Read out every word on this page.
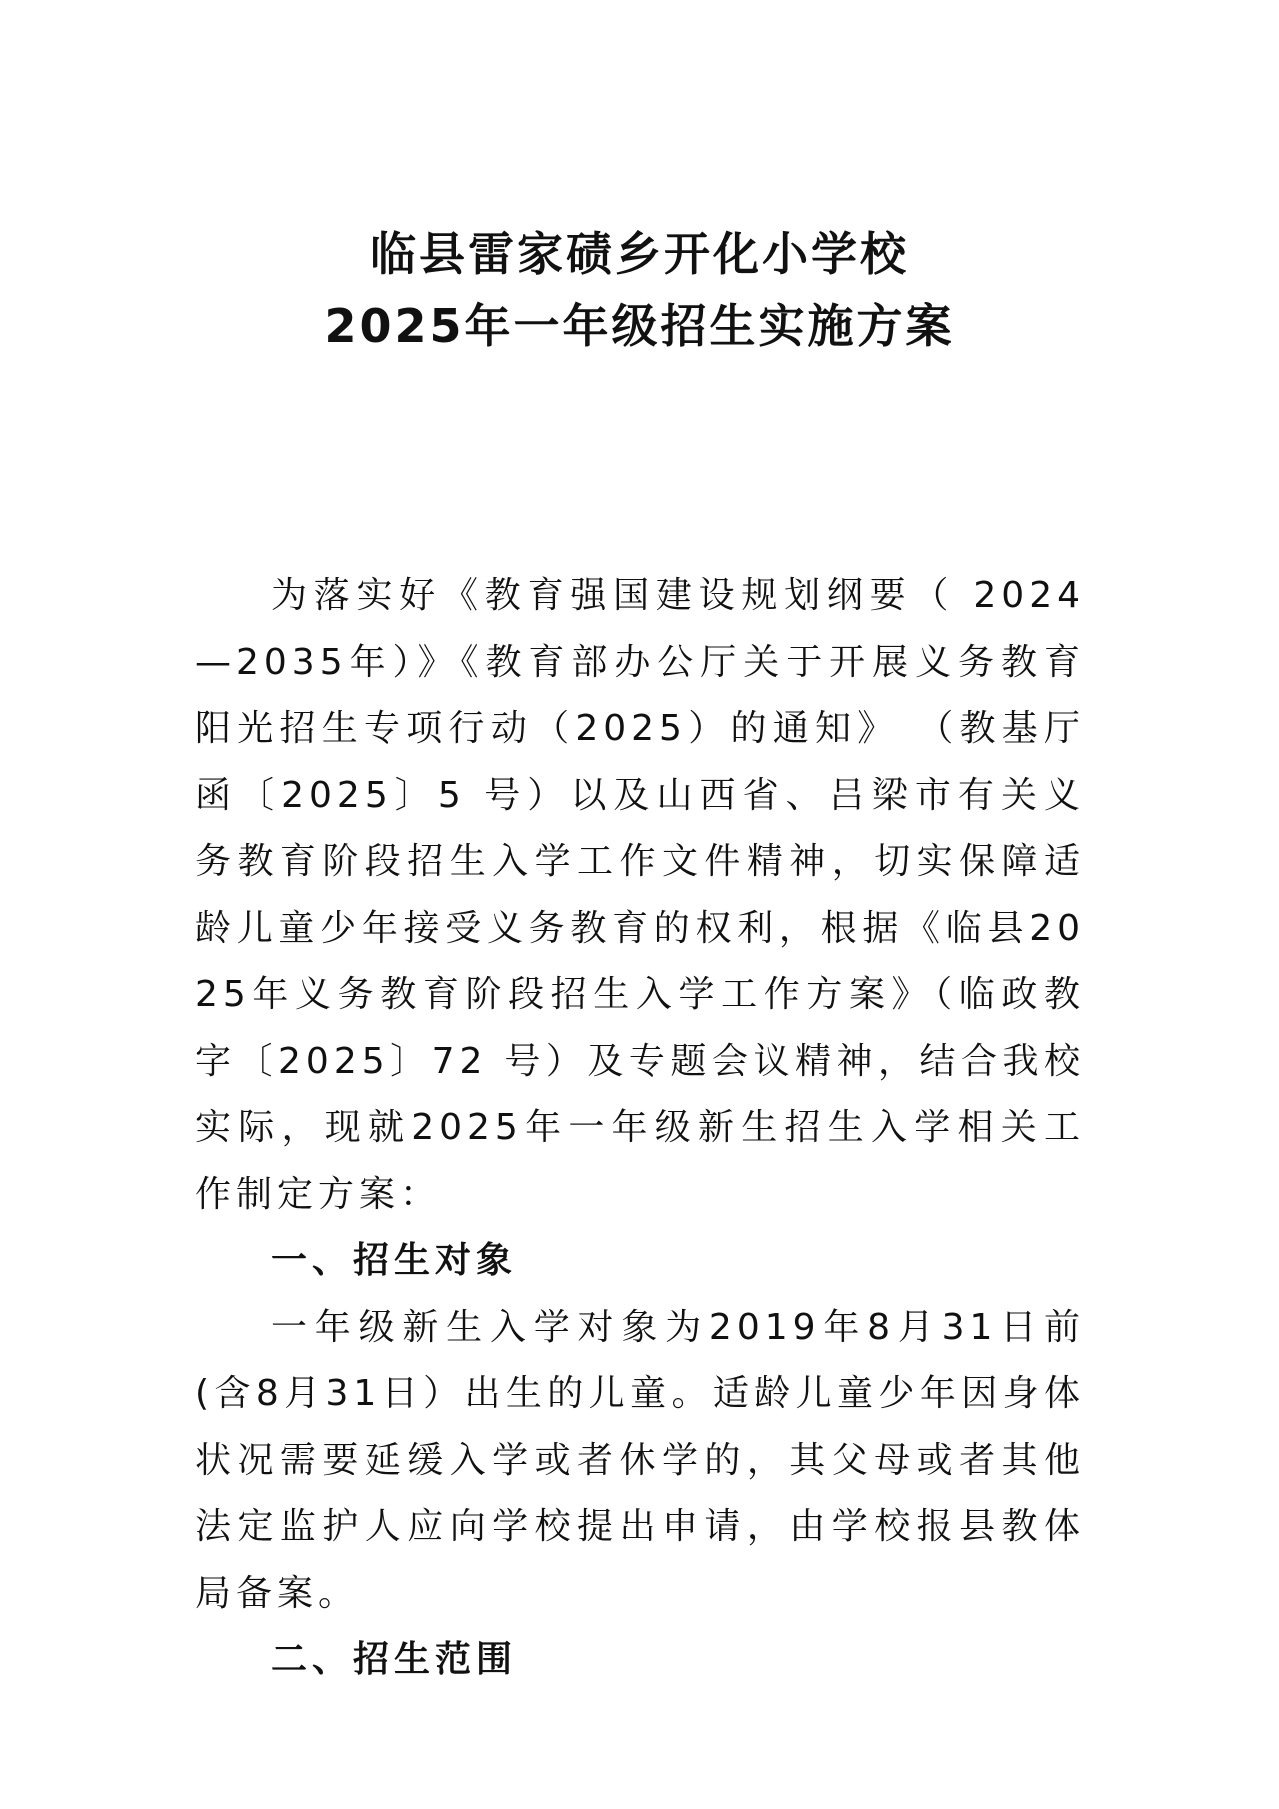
临县雷家碛乡开化小学校
2025年一年级招生实施方案

为落实好《教育强国建设规划纲要（ 2024—2035年）》《教育部办公厅关于开展义务教育阳光招生专项行动（2025）的通知》 （教基厅函〔2025〕5 号）以及山西省、吕梁市有关义务教育阶段招生入学工作文件精神，切实保障适龄儿童少年接受义务教育的权利，根据《临县2025年义务教育阶段招生入学工作方案》（临政教字〔2025〕72 号）及专题会议精神，结合我校实际，现就2025年一年级新生招生入学相关工作制定方案：

一、招生对象

一年级新生入学对象为2019年8月31日前(含8月31日）出生的儿童。适龄儿童少年因身体状况需要延缓入学或者休学的，其父母或者其他法定监护人应向学校提出申请，由学校报县教体局备案。

二、招生范围
